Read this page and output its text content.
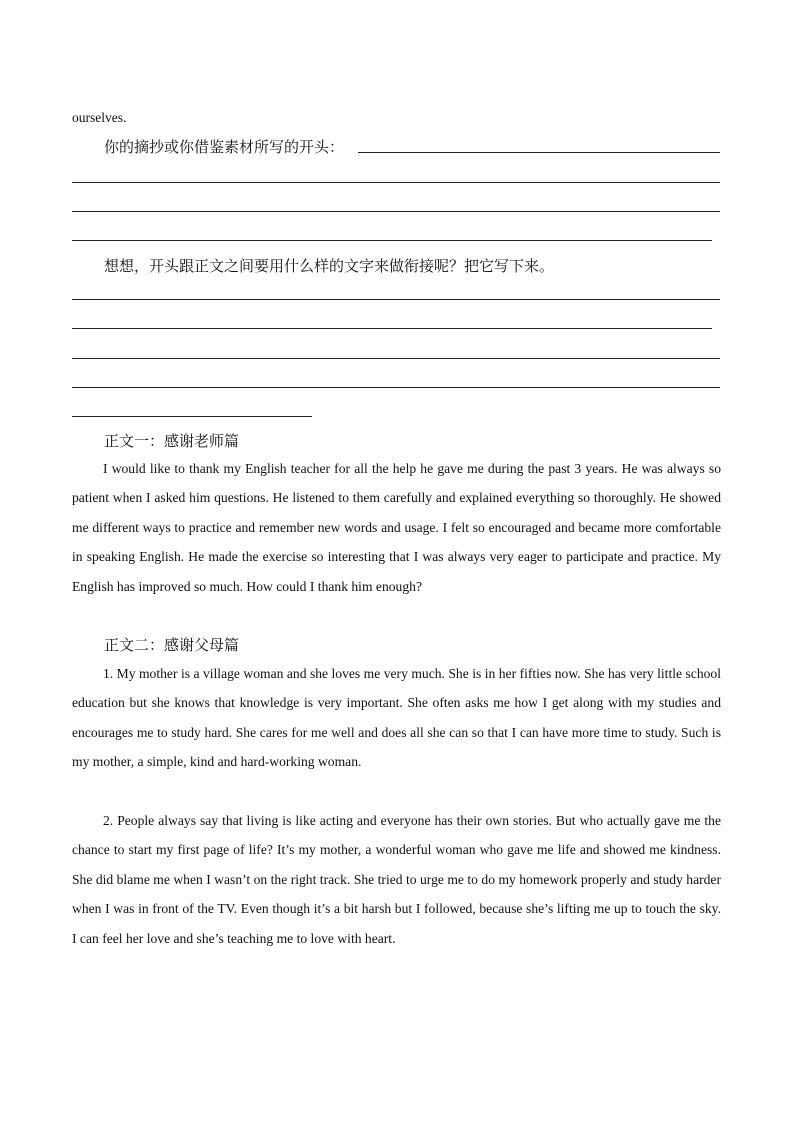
ourselves.
你的摘抄或你借鉴素材所写的开头：
想想，开头跟正文之间要用什么样的文字来做衔接呢？把它写下来。
正文一：感谢老师篇

I would like to thank my English teacher for all the help he gave me during the past 3 years. He was always so patient when I asked him questions. He listened to them carefully and explained everything so thoroughly. He showed me different ways to practice and remember new words and usage. I felt so encouraged and became more comfortable in speaking English. He made the exercise so interesting that I was always very eager to participate and practice. My English has improved so much. How could I thank him enough?

正文二：感谢父母篇

1. My mother is a village woman and she loves me very much. She is in her fifties now. She has very little school education but she knows that knowledge is very important. She often asks me how I get along with my studies and encourages me to study hard. She cares for me well and does all she can so that I can have more time to study. Such is my mother, a simple, kind and hard-working woman.

2. People always say that living is like acting and everyone has their own stories. But who actually gave me the chance to start my first page of life? It’s my mother, a wonderful woman who gave me life and showed me kindness. She did blame me when I wasn’t on the right track. She tried to urge me to do my homework properly and study harder when I was in front of the TV. Even though it’s a bit harsh but I followed, because she’s lifting me up to touch the sky. I can feel her love and she’s teaching me to love with heart.
